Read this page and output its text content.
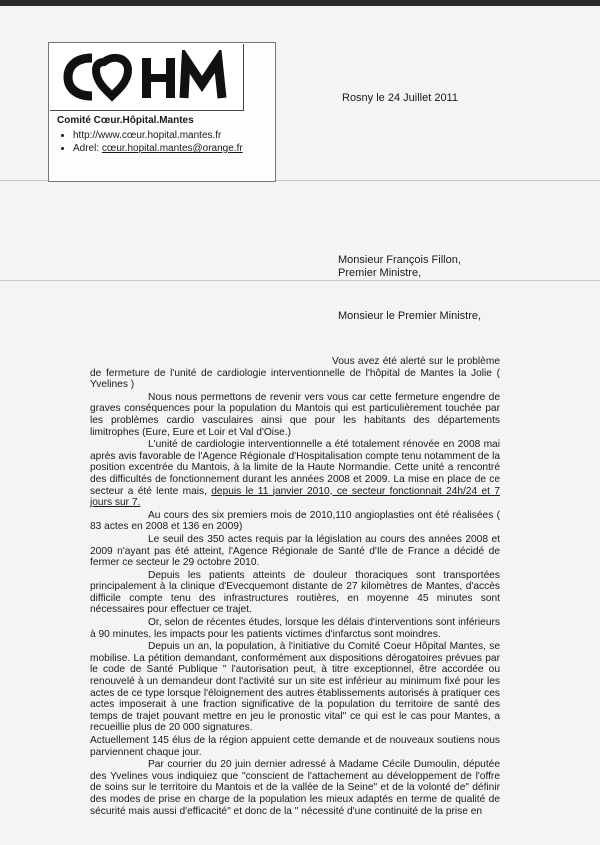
Comité Cœur.Hôpital.Mantes
• http://www.cœur.hopital.mantes.fr
• Adrel: cœur.hopital.mantes@orange.fr
Rosny le 24 Juillet 2011
Monsieur François Fillon,
Premier Ministre,
Monsieur le Premier Ministre,

Vous avez été alerté sur le problème de fermeture de l'unité de cardiologie interventionnelle de l'hôpital de Mantes la Jolie ( Yvelines )

Nous nous permettons de revenir vers vous car cette fermeture engendre de graves conséquences pour la population du Mantois qui est particulièrement touchée par les problèmes cardio vasculaires ainsi que pour les habitants des départements limitrophes (Eure, Eure et Loir et Val d'Oise.)

L'unité de cardiologie interventionnelle a été totalement rénovée en 2008 mai après avis favorable de l'Agence Régionale d'Hospitalisation compte tenu notamment de la position excentrée du Mantois, à la limite de la Haute Normandie. Cette unité a rencontré des difficultés de fonctionnement durant les années 2008 et 2009. La mise en place de ce secteur a été lente mais, depuis le 11 janvier 2010, ce secteur fonctionnait 24h/24 et 7 jours sur 7.

Au cours des six premiers mois de 2010,110 angioplasties ont été réalisées ( 83 actes en 2008 et 136 en 2009)

Le seuil des 350 actes requis par la législation au cours des années 2008 et 2009 n'ayant pas été atteint, l'Agence Régionale de Santé d'Ile de France a décidé de fermer ce secteur le 29 octobre 2010.

Depuis les patients atteints de douleur thoraciques sont transportées principalement à la clinique d'Evecquemont distante de 27 kilomètres de Mantes, d'accès difficile compte tenu des infrastructures routières, en moyenne 45 minutes sont nécessaires pour effectuer ce trajet.

Or, selon de récentes études, lorsque les délais d'interventions sont inférieurs à 90 minutes, les impacts pour les patients victimes d'infarctus sont moindres.

Depuis un an, la population, à l'initiative du Comité Coeur Hôpital Mantes, se mobilise. La pétition demandant, conformément aux dispositions dérogatoires prévues par le code de Santé Publique " l'autorisation peut, à titre exceptionnel, être accordée ou renouvelé à un demandeur dont l'activité sur un site est inférieur au minimum fixé pour les actes de ce type lorsque l'éloignement des autres établissements autorisés à pratiquer ces actes imposerait à une fraction significative de la population du territoire de santé des temps de trajet pouvant mettre en jeu le pronostic vital" ce qui est le cas pour Mantes, a recueillie plus de 20 000 signatures.

Actuellement 145 élus de la région appuient cette demande et de nouveaux soutiens nous parviennent chaque jour.

Par courrier du 20 juin dernier adressé à Madame Cécile Dumoulin, députée des Yvelines vous indiquiez que "conscient de l'attachement au développement de l'offre de soins sur le territoire du Mantois et de la vallée de la Seine" et de la volonté de" définir des modes de prise en charge de la population les mieux adaptés en terme de qualité de sécurité mais aussi d'efficacité" et donc de la " nécessité d'une continuité de la prise en
